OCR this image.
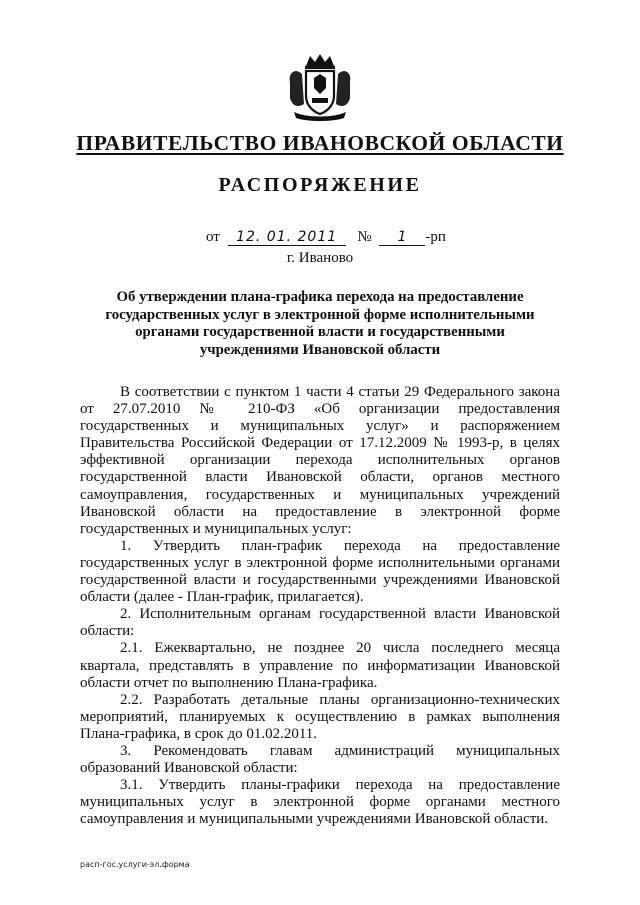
ПРАВИТЕЛЬСТВО ИВАНОВСКОЙ ОБЛАСТИ
РАСПОРЯЖЕНИЕ
от 12. 01. 2011 № 1 -рп
г. Иваново
Об утверждении плана-графика перехода на предоставление
государственных услуг в электронной форме исполнительными
органами государственной власти и государственными
учреждениями Ивановской области

В соответствии с пунктом 1 части 4 статьи 29 Федерального закона от 27.07.2010 № 210-ФЗ «Об организации предоставления государственных и муниципальных услуг» и распоряжением Правительства Российской Федерации от 17.12.2009 № 1993-р, в целях эффективной организации перехода исполнительных органов государственной власти Ивановской области, органов местного самоуправления, государственных и муниципальных учреждений Ивановской области на предоставление в электронной форме государственных и муниципальных услуг:

1. Утвердить план-график перехода на предоставление государственных услуг в электронной форме исполнительными органами государственной власти и государственными учреждениями Ивановской области (далее - План-график, прилагается).

2. Исполнительным органам государственной власти Ивановской области:

2.1. Ежеквартально, не позднее 20 числа последнего месяца квартала, представлять в управление по информатизации Ивановской области отчет по выполнению Плана-графика.

2.2. Разработать детальные планы организационно-технических мероприятий, планируемых к осуществлению в рамках выполнения Плана-графика, в срок до 01.02.2011.

3. Рекомендовать главам администраций муниципальных образований Ивановской области:

3.1. Утвердить планы-графики перехода на предоставление муниципальных услуг в электронной форме органами местного самоуправления и муниципальными учреждениями Ивановской области.

расп-гос.услуги-эл.форма
